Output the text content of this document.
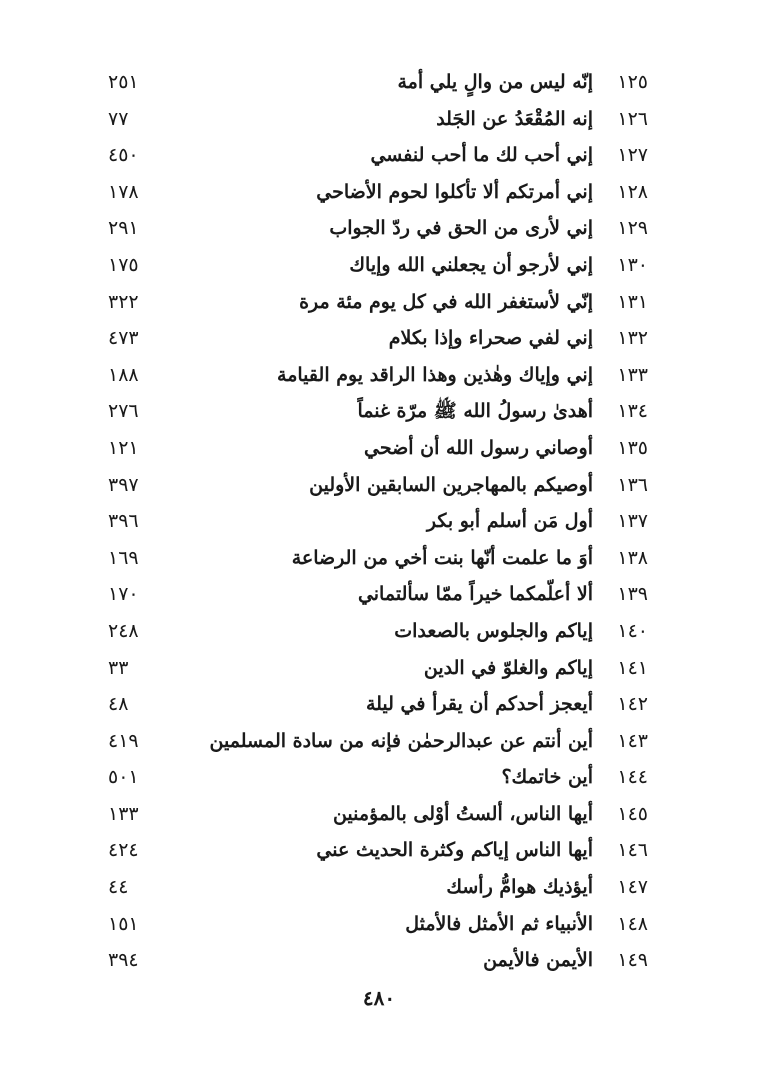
١٢٥
إنّه ليس من والٍ يلي أمة
٢٥١
١٢٦
إنه المُقْعَدُ عن الجَلد
٧٧
١٢٧
إني أحب لك ما أحب لنفسي
٤٥٠
١٢٨
إني أمرتكم ألا تأكلوا لحوم الأضاحي
١٧٨
١٢٩
إني لأرى من الحق في ردّ الجواب
٢٩١
١٣٠
إني لأرجو أن يجعلني الله وإياك
١٧٥
١٣١
إنّي لأستغفر الله في كل يوم مئة مرة
٣٢٢
١٣٢
إني لفي صحراء وإذا بكلام
٤٧٣
١٣٣
إني وإياك وهٰذين وهذا الراقد يوم القيامة
١٨٨
١٣٤
أهدىٰ رسولُ الله ﷺ مرّة غنماً
٢٧٦
١٣٥
أوصاني رسول الله أن أضحي
١٢١
١٣٦
أوصيكم بالمهاجرين السابقين الأولين
٣٩٧
١٣٧
أول مَن أسلم أبو بكر
٣٩٦
١٣٨
أوَ ما علمت أنّها بنت أخي من الرضاعة
١٦٩
١٣٩
ألا أعلّمكما خيراً ممّا سألتماني
١٧٠
١٤٠
إياكم والجلوس بالصعدات
٢٤٨
١٤١
إياكم والغلوّ في الدين
٣٣
١٤٢
أيعجز أحدكم أن يقرأ في ليلة
٤٨
١٤٣
أين أنتم عن عبدالرحمٰن فإنه من سادة المسلمين
٤١٩
١٤٤
أين خاتمك؟
٥٠١
١٤٥
أيها الناس، ألستُ أوْلى بالمؤمنين
١٣٣
١٤٦
أيها الناس إياكم وكثرة الحديث عني
٤٢٤
١٤٧
أيؤذيك هوامُّ رأسك
٤٤
١٤٨
الأنبياء ثم الأمثل فالأمثل
١٥١
١٤٩
الأيمن فالأيمن
٣٩٤
٤٨٠
